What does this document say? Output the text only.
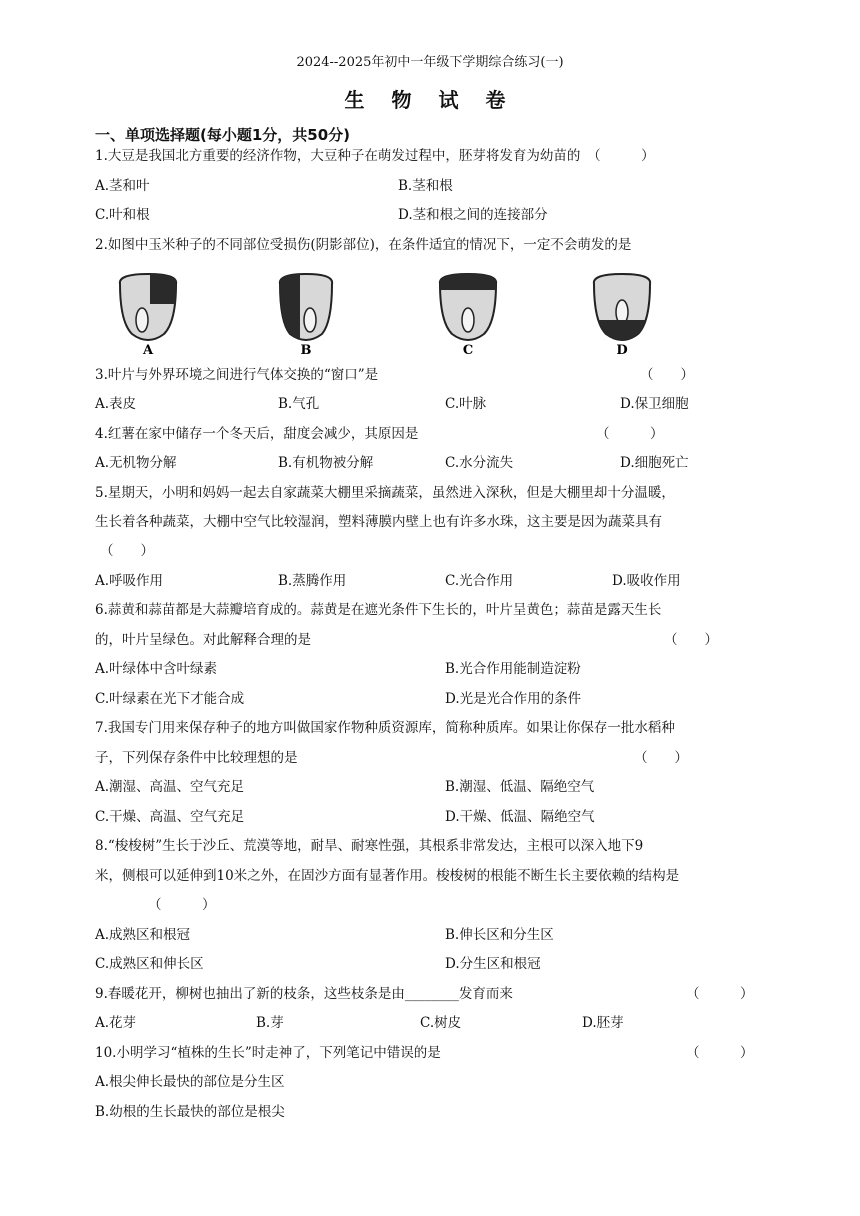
2024--2025年初中一年级下学期综合练习(一)
生 物 试 卷
一、单项选择题(每小题1分，共50分)
1.大豆是我国北方重要的经济作物，大豆种子在萌发过程中，胚芽将发育为幼苗的　（　　　）
A.茎和叶	B.茎和根
C.叶和根	D.茎和根之间的连接部分
2.如图中玉米种子的不同部位受损伤(阴影部位)，在条件适宜的情况下，一定不会萌发的是
A	B	C	D
3.叶片与外界环境之间进行气体交换的“窗口”是	（　　）
A.表皮	B.气孔	C.叶脉	D.保卫细胞
4.红薯在家中储存一个冬天后，甜度会减少，其原因是	（　　　）
A.无机物分解	B.有机物被分解	C.水分流失	D.细胞死亡
5.星期天，小明和妈妈一起去自家蔬菜大棚里采摘蔬菜，虽然进入深秋，但是大棚里却十分温暖，
生长着各种蔬菜，大棚中空气比较湿润，塑料薄膜内壁上也有许多水珠，这主要是因为蔬菜具有
（　　）
A.呼吸作用	B.蒸腾作用	C.光合作用	D.吸收作用
6.蒜黄和蒜苗都是大蒜瓣培育成的。蒜黄是在遮光条件下生长的，叶片呈黄色；蒜苗是露天生长
的，叶片呈绿色。对此解释合理的是	（　　）
A.叶绿体中含叶绿素	B.光合作用能制造淀粉
C.叶绿素在光下才能合成	D.光是光合作用的条件
7.我国专门用来保存种子的地方叫做国家作物种质资源库，简称种质库。如果让你保存一批水稻种
子，下列保存条件中比较理想的是	（　　）
A.潮湿、高温、空气充足	B.潮湿、低温、隔绝空气
C.干燥、高温、空气充足	D.干燥、低温、隔绝空气
8.“梭梭树”生长于沙丘、荒漠等地，耐旱、耐寒性强，其根系非常发达，主根可以深入地下9
米，侧根可以延伸到10米之外，在固沙方面有显著作用。梭梭树的根能不断生长主要依赖的结构是
（　　　）
A.成熟区和根冠	B.伸长区和分生区
C.成熟区和伸长区	D.分生区和根冠
9.春暖花开，柳树也抽出了新的枝条，这些枝条是由________发育而来	（　　　）
A.花芽	B.芽	C.树皮	D.胚芽
10.小明学习“植株的生长”时走神了，下列笔记中错误的是	（　　　）
A.根尖伸长最快的部位是分生区
B.幼根的生长最快的部位是根尖
